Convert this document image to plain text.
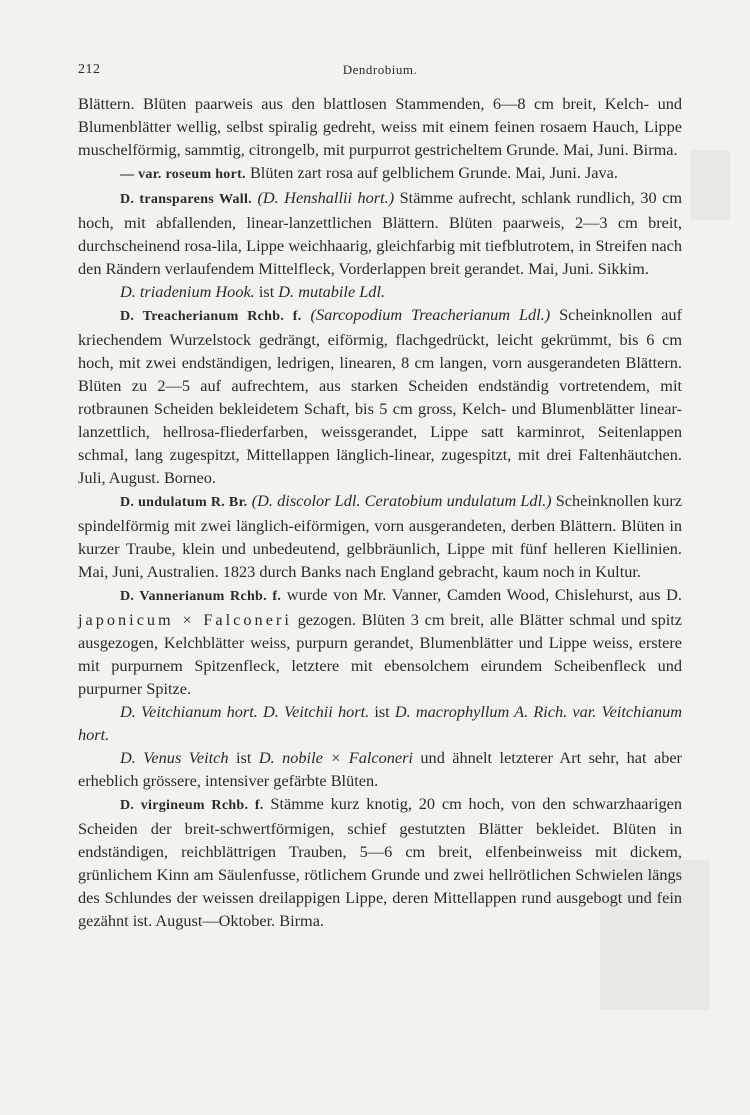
212	Dendrobium.

Blättern. Blüten paarweis aus den blattlosen Stammenden, 6—8 cm breit, Kelch- und Blumenblätter wellig, selbst spiralig gedreht, weiss mit einem feinen rosaem Hauch, Lippe muschelförmig, sammtig, citrongelb, mit purpurrot gestricheltem Grunde. Mai, Juni. Birma.

— var. roseum hort. Blüten zart rosa auf gelblichem Grunde. Mai, Juni. Java.

D. transparens Wall. (D. Henshallii hort.) Stämme aufrecht, schlank rundlich, 30 cm hoch, mit abfallenden, linear-lanzettlichen Blättern. Blüten paarweis, 2—3 cm breit, durchscheinend rosa-lila, Lippe weichhaarig, gleichfarbig mit tiefblutrotem, in Streifen nach den Rändern verlaufendem Mittelfleck, Vorderlappen breit gerandet. Mai, Juni. Sikkim.

D. triadenium Hook. ist D. mutabile Ldl.

D. Treacherianum Rchb. f. (Sarcopodium Treacherianum Ldl.) Scheinknollen auf kriechendem Wurzelstock gedrängt, eiförmig, flachgedrückt, leicht gekrümmt, bis 6 cm hoch, mit zwei endständigen, ledrigen, linearen, 8 cm langen, vorn ausgerandeten Blättern. Blüten zu 2—5 auf aufrechtem, aus starken Scheiden endständig vortretendem, mit rotbraunen Scheiden bekleidetem Schaft, bis 5 cm gross, Kelch- und Blumenblätter linear-lanzettlich, hellrosa-fliederfarben, weissgerandet, Lippe satt karminrot, Seitenlappen schmal, lang zugespitzt, Mittellappen länglich-linear, zugespitzt, mit drei Faltenhäutchen. Juli, August. Borneo.

D. undulatum R. Br. (D. discolor Ldl. Ceratobium undulatum Ldl.) Scheinknollen kurz spindelförmig mit zwei länglich-eiförmigen, vorn ausgerandeten, derben Blättern. Blüten in kurzer Traube, klein und unbedeutend, gelbbräunlich, Lippe mit fünf helleren Kiellinien. Mai, Juni, Australien. 1823 durch Banks nach England gebracht, kaum noch in Kultur.

D. Vannerianum Rchb. f. wurde von Mr. Vanner, Camden Wood, Chislehurst, aus D. japonicum × Falconeri gezogen. Blüten 3 cm breit, alle Blätter schmal und spitz ausgezogen, Kelchblätter weiss, purpurn gerandet, Blumenblätter und Lippe weiss, erstere mit purpurnem Spitzenfleck, letztere mit ebensolchem eirundem Scheibenfleck und purpurner Spitze.

D. Veitchianum hort. D. Veitchii hort. ist D. macrophyllum A. Rich. var. Veitchianum hort.

D. Venus Veitch ist D. nobile × Falconeri und ähnelt letzterer Art sehr, hat aber erheblich grössere, intensiver gefärbte Blüten.

D. virgineum Rchb. f. Stämme kurz knotig, 20 cm hoch, von den schwarzhaarigen Scheiden der breit-schwertförmigen, schief gestutzten Blätter bekleidet. Blüten in endständigen, reichblättrigen Trauben, 5—6 cm breit, elfenbeinweiss mit dickem, grünlichem Kinn am Säulenfusse, rötlichem Grunde und zwei hellrötlichen Schwielen längs des Schlundes der weissen dreilappigen Lippe, deren Mittellappen rund ausgebogt und fein gezähnt ist. August—Oktober. Birma.
